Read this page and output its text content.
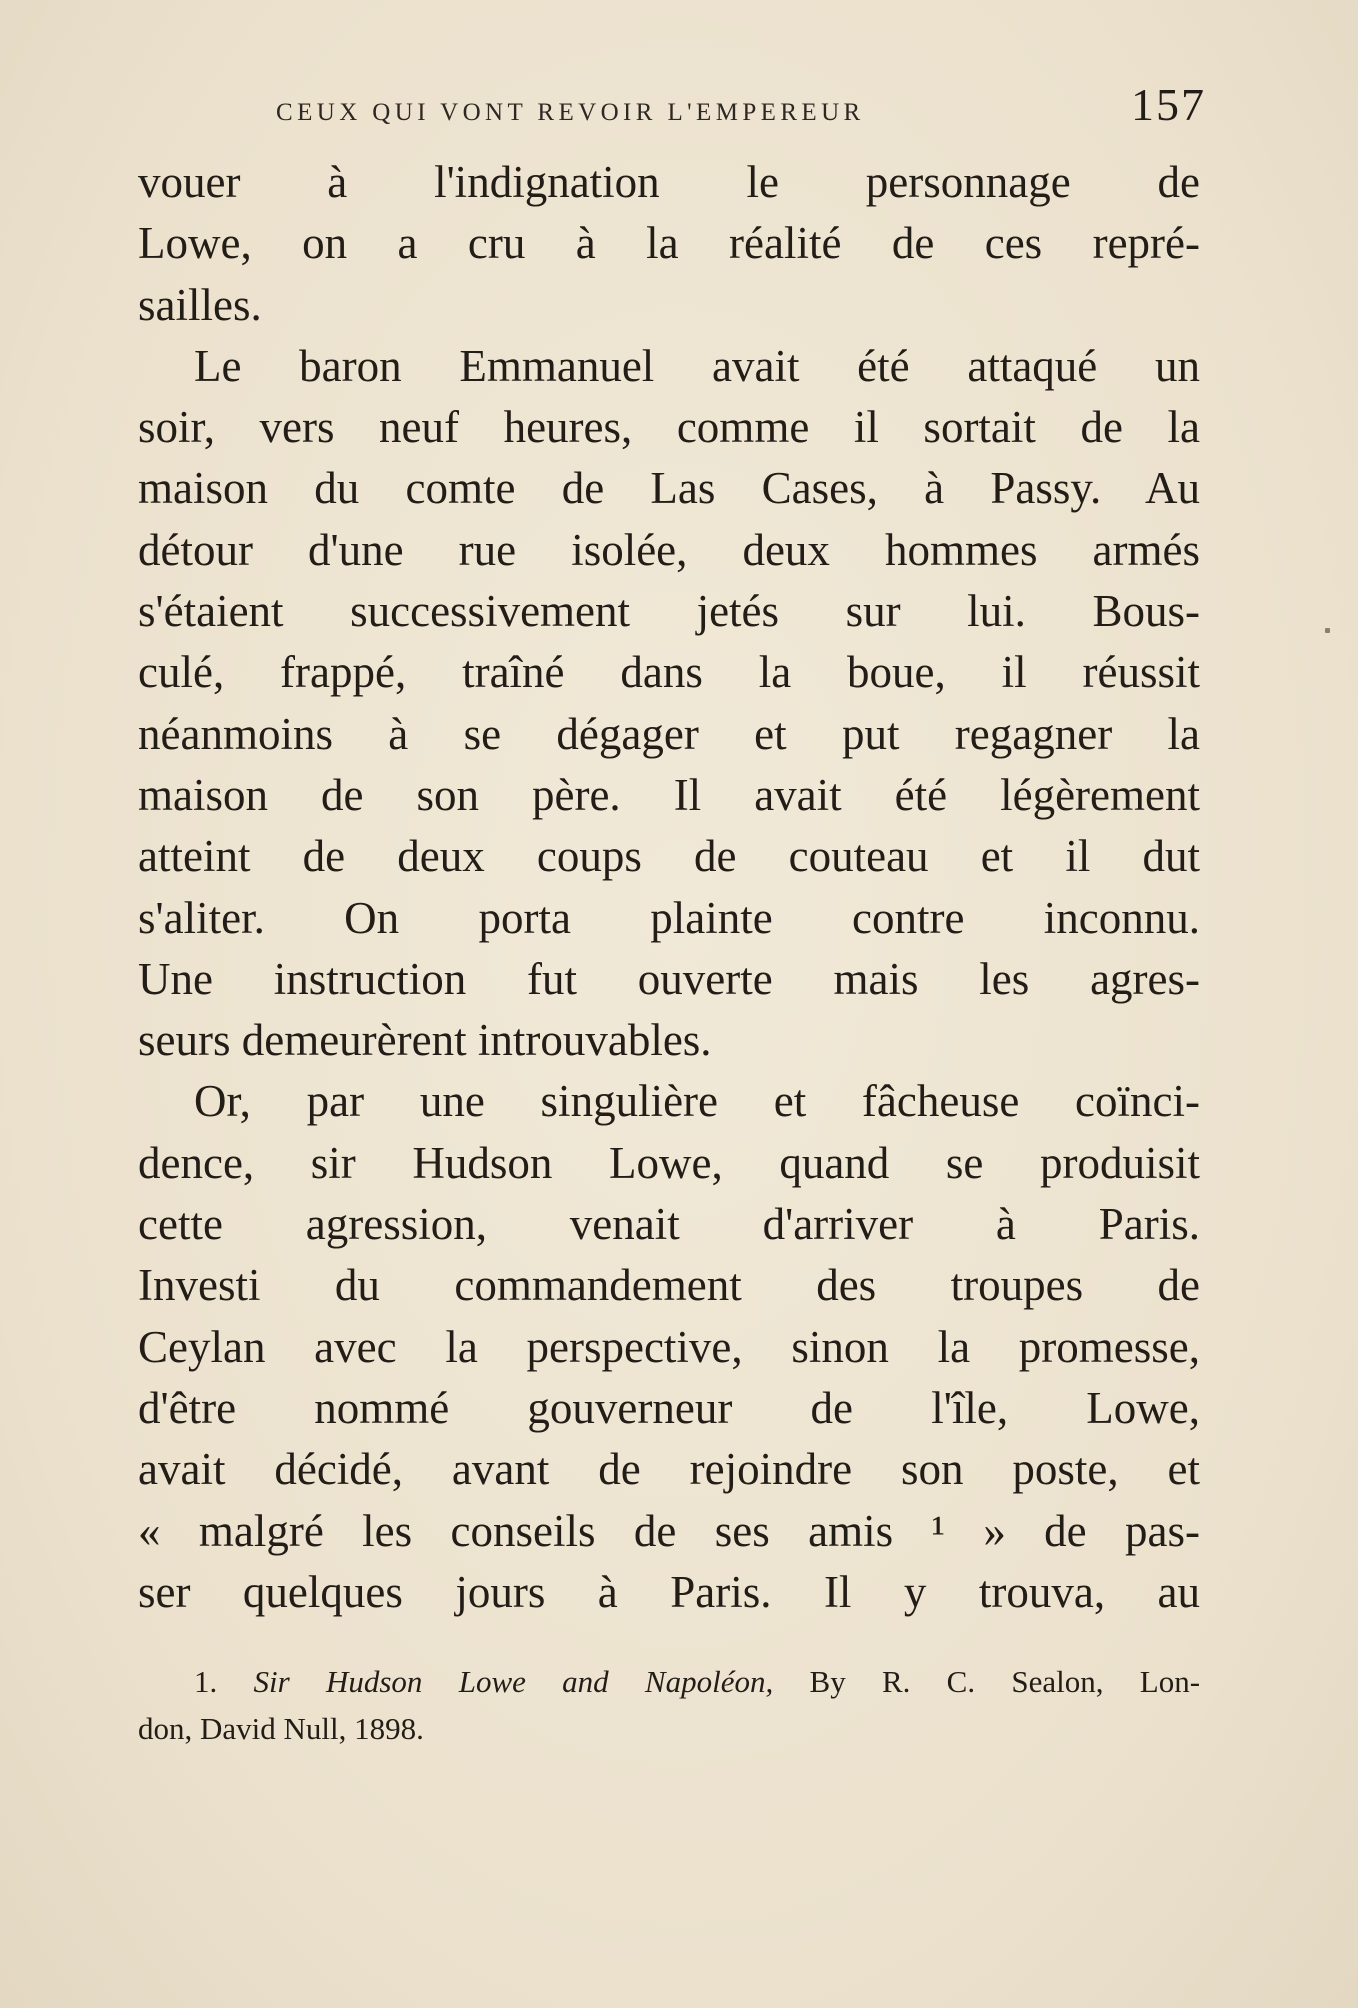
CEUX QUI VONT REVOIR L'EMPEREUR	157
vouer à l'indignation le personnage de
Lowe, on a cru à la réalité de ces repré-
sailles.
Le baron Emmanuel avait été attaqué un
soir, vers neuf heures, comme il sortait de la
maison du comte de Las Cases, à Passy. Au
détour d'une rue isolée, deux hommes armés
s'étaient successivement jetés sur lui. Bous-
culé, frappé, traîné dans la boue, il réussit
néanmoins à se dégager et put regagner la
maison de son père. Il avait été légèrement
atteint de deux coups de couteau et il dut
s'aliter. On porta plainte contre inconnu.
Une instruction fut ouverte mais les agres-
seurs demeurèrent introuvables.
Or, par une singulière et fâcheuse coïnci-
dence, sir Hudson Lowe, quand se produisit
cette agression, venait d'arriver à Paris.
Investi du commandement des troupes de
Ceylan avec la perspective, sinon la promesse,
d'être nommé gouverneur de l'île, Lowe,
avait décidé, avant de rejoindre son poste, et
« malgré les conseils de ses amis ¹ » de pas-
ser quelques jours à Paris. Il y trouva, au
1. Sir Hudson Lowe and Napoléon, By R. C. Sealon, Lon-
don, David Null, 1898.
